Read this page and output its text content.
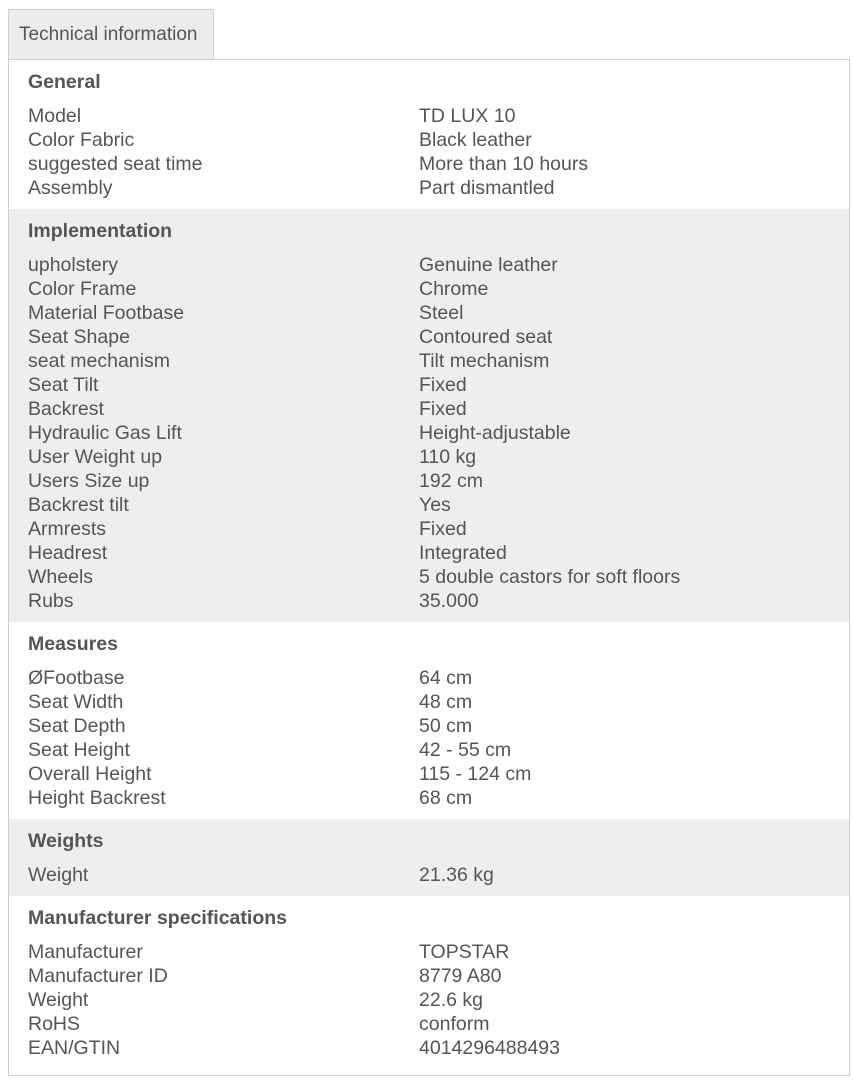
Technical information
General
Model	TD LUX 10
Color Fabric	Black leather
suggested seat time	More than 10 hours
Assembly	Part dismantled
Implementation
upholstery	Genuine leather
Color Frame	Chrome
Material Footbase	Steel
Seat Shape	Contoured seat
seat mechanism	Tilt mechanism
Seat Tilt	Fixed
Backrest	Fixed
Hydraulic Gas Lift	Height-adjustable
User Weight up	110 kg
Users Size up	192 cm
Backrest tilt	Yes
Armrests	Fixed
Headrest	Integrated
Wheels	5 double castors for soft floors
Rubs	35.000
Measures
ØFootbase	64 cm
Seat Width	48 cm
Seat Depth	50 cm
Seat Height	42 - 55 cm
Overall Height	115 - 124 cm
Height Backrest	68 cm
Weights
Weight	21.36 kg
Manufacturer specifications
Manufacturer	TOPSTAR
Manufacturer ID	8779 A80
Weight	22.6 kg
RoHS	conform
EAN/GTIN	4014296488493
